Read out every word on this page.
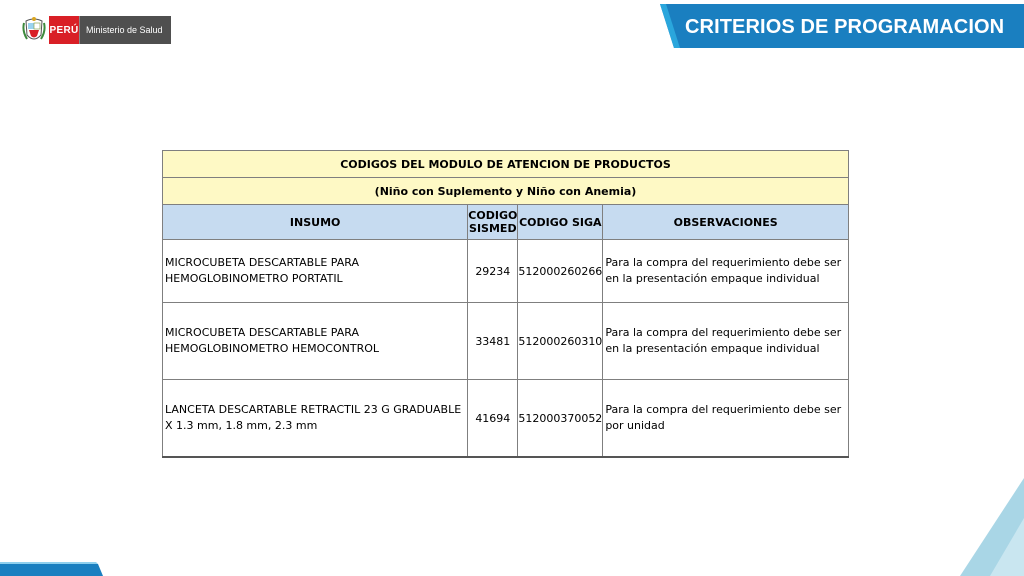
PERÚ Ministerio de Salud	CRITERIOS DE PROGRAMACION
CODIGOS DEL MODULO DE ATENCION DE PRODUCTOS			
(Niño con Suplemento y Niño con Anemia)			
INSUMO	CODIGO SISMED	CODIGO SIGA	OBSERVACIONES
MICROCUBETA DESCARTABLE PARA HEMOGLOBINOMETRO PORTATIL	29234	512000260266	Para la compra del requerimiento debe ser en la presentación empaque individual
MICROCUBETA DESCARTABLE PARA HEMOGLOBINOMETRO HEMOCONTROL	33481	512000260310	Para la compra del requerimiento debe ser en la presentación empaque individual
LANCETA DESCARTABLE RETRACTIL 23 G GRADUABLE X 1.3 mm, 1.8 mm, 2.3 mm	41694	512000370052	Para la compra del requerimiento debe ser por unidad
